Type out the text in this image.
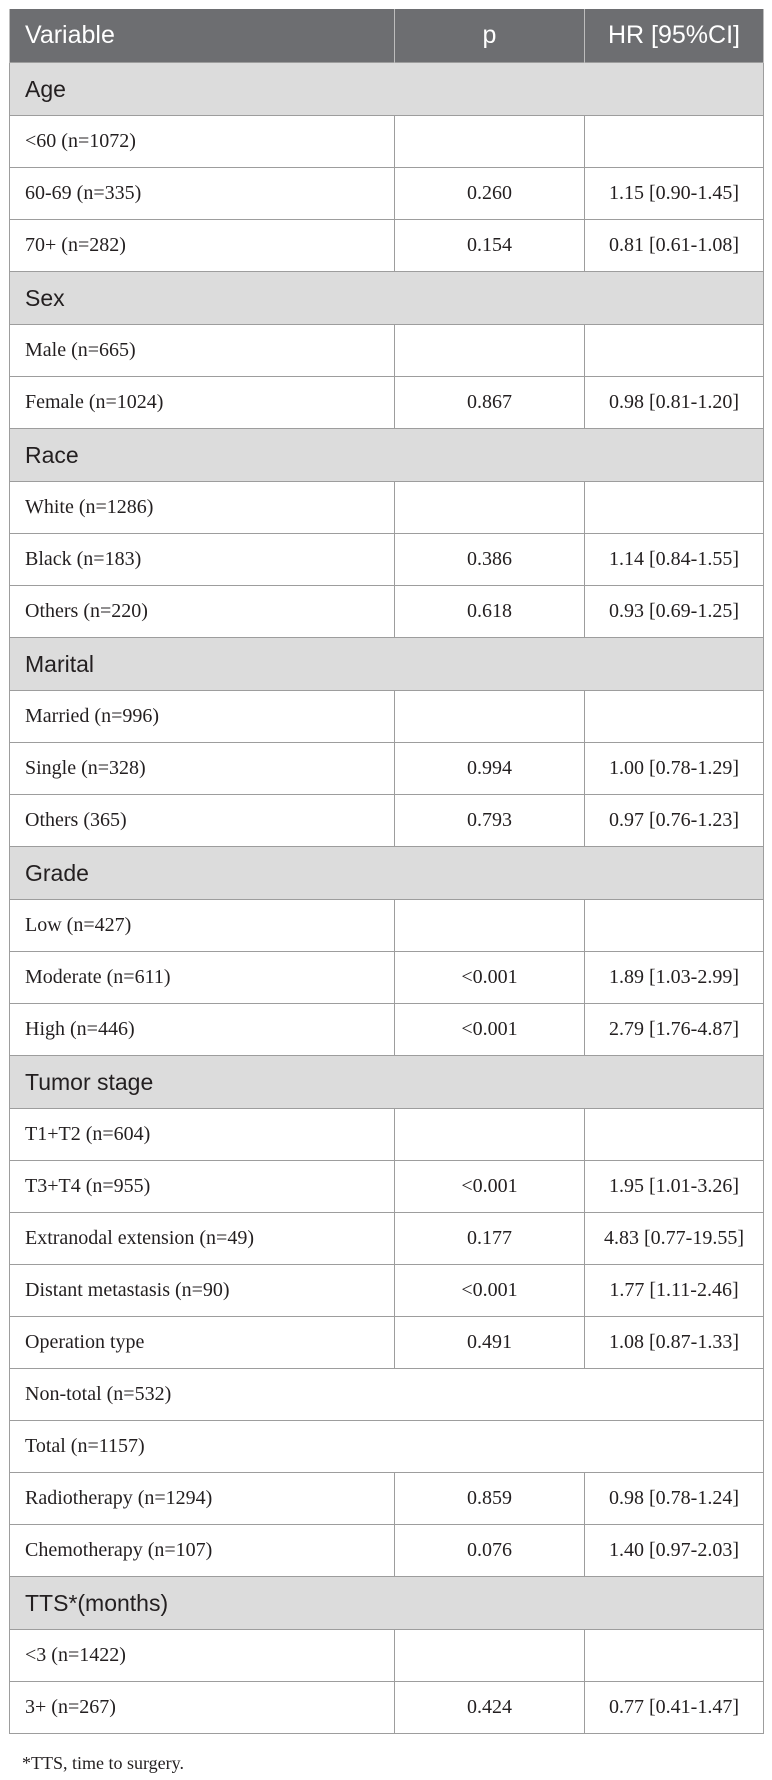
Variable	p	HR [95%CI]
Age		
<60 (n=1072)		
60-69 (n=335)	0.260	1.15 [0.90-1.45]
70+ (n=282)	0.154	0.81 [0.61-1.08]
Sex		
Male (n=665)		
Female (n=1024)	0.867	0.98 [0.81-1.20]
Race		
White (n=1286)		
Black (n=183)	0.386	1.14 [0.84-1.55]
Others (n=220)	0.618	0.93 [0.69-1.25]
Marital		
Married (n=996)		
Single (n=328)	0.994	1.00 [0.78-1.29]
Others (365)	0.793	0.97 [0.76-1.23]
Grade		
Low (n=427)		
Moderate (n=611)	<0.001	1.89 [1.03-2.99]
High (n=446)	<0.001	2.79 [1.76-4.87]
Tumor stage		
T1+T2 (n=604)		
T3+T4 (n=955)	<0.001	1.95 [1.01-3.26]
Extranodal extension (n=49)	0.177	4.83 [0.77-19.55]
Distant metastasis (n=90)	<0.001	1.77 [1.11-2.46]
Operation type	0.491	1.08 [0.87-1.33]
Non-total (n=532)		
Total (n=1157)		
Radiotherapy (n=1294)	0.859	0.98 [0.78-1.24]
Chemotherapy (n=107)	0.076	1.40 [0.97-2.03]
TTS*(months)		
<3 (n=1422)		
3+ (n=267)	0.424	0.77 [0.41-1.47]
*TTS, time to surgery.
